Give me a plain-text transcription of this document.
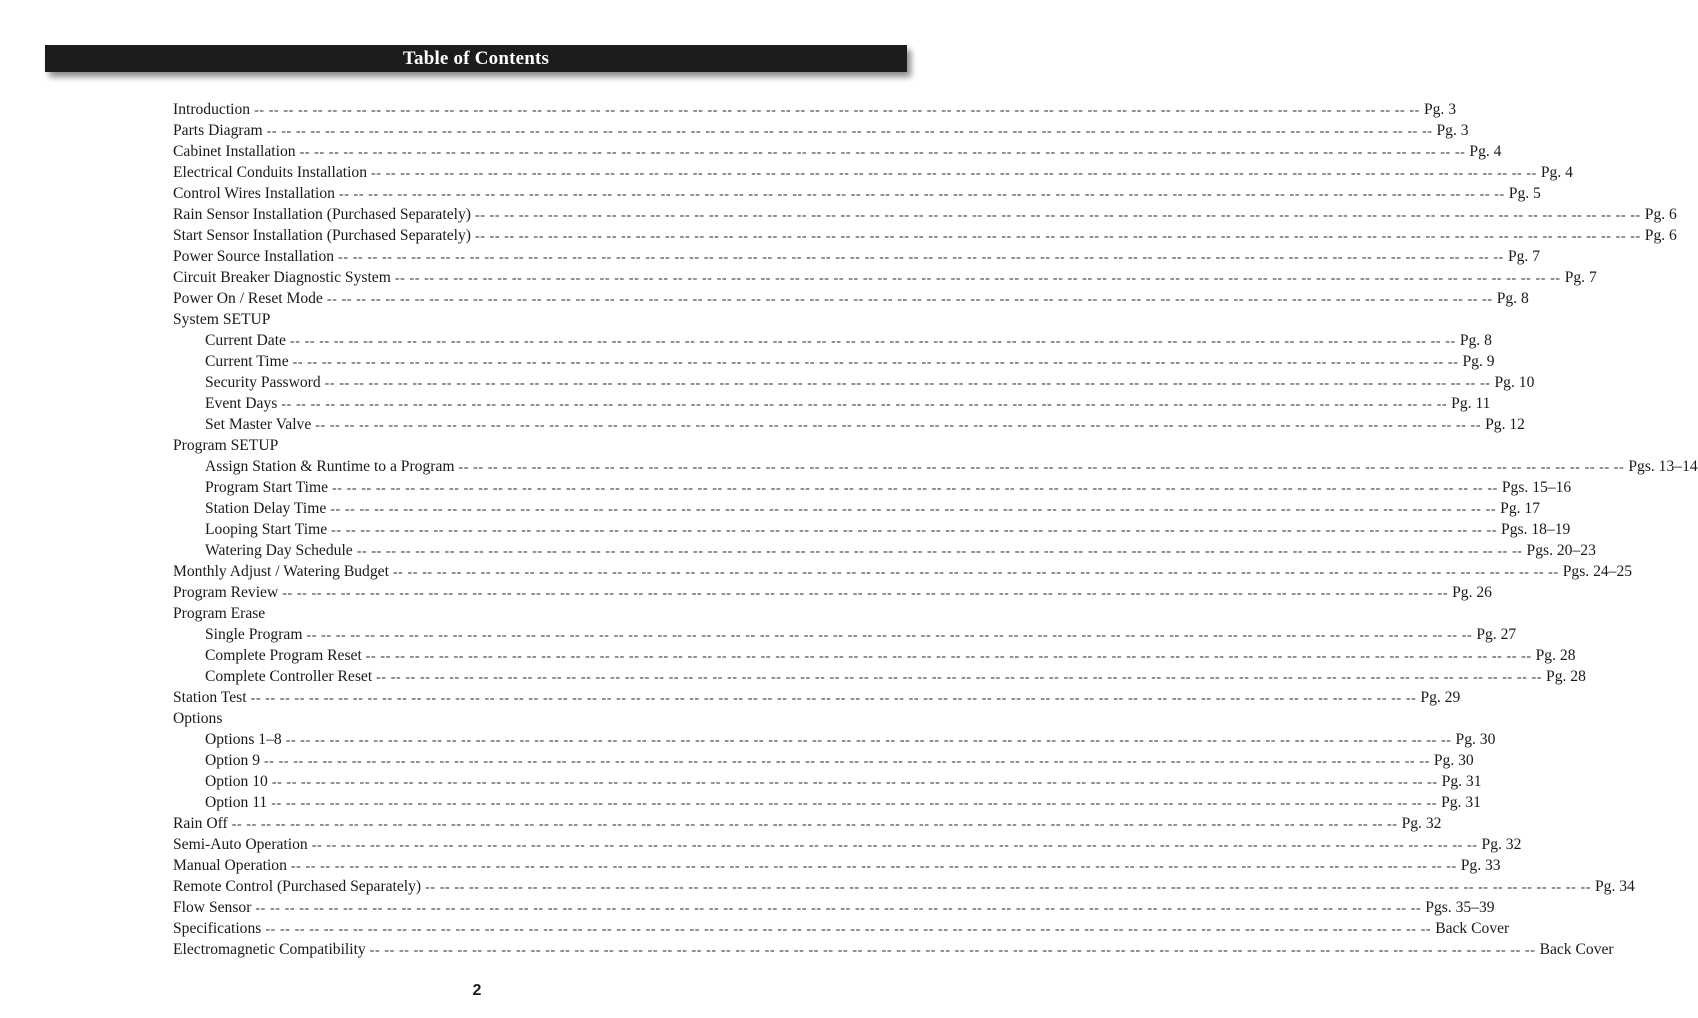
Table of Contents
Introduction -- -- -- -- -- -- -- -- -- -- -- -- -- -- -- -- -- -- -- -- -- -- -- -- -- -- -- -- -- -- -- -- -- -- -- -- -- -- -- -- -- -- -- -- -- -- -- -- -- -- -- -- -- -- -- -- -- -- -- -- -- -- -- -- -- -- -- -- -- -- -- -- -- -- -- -- -- -- -- -- Pg. 3
Parts Diagram -- -- -- -- -- -- -- -- -- -- -- -- -- -- -- -- -- -- -- -- -- -- -- -- -- -- -- -- -- -- -- -- -- -- -- -- -- -- -- -- -- -- -- -- -- -- -- -- -- -- -- -- -- -- -- -- -- -- -- -- -- -- -- -- -- -- -- -- -- -- -- -- -- -- -- -- -- -- -- -- Pg. 3
Cabinet Installation -- -- -- -- -- -- -- -- -- -- -- -- -- -- -- -- -- -- -- -- -- -- -- -- -- -- -- -- -- -- -- -- -- -- -- -- -- -- -- -- -- -- -- -- -- -- -- -- -- -- -- -- -- -- -- -- -- -- -- -- -- -- -- -- -- -- -- -- -- -- -- -- -- -- -- -- -- -- -- -- Pg. 4
Electrical Conduits Installation -- -- -- -- -- -- -- -- -- -- -- -- -- -- -- -- -- -- -- -- -- -- -- -- -- -- -- -- -- -- -- -- -- -- -- -- -- -- -- -- -- -- -- -- -- -- -- -- -- -- -- -- -- -- -- -- -- -- -- -- -- -- -- -- -- -- -- -- -- -- -- -- -- -- -- -- -- -- -- -- Pg. 4
Control Wires Installation -- -- -- -- -- -- -- -- -- -- -- -- -- -- -- -- -- -- -- -- -- -- -- -- -- -- -- -- -- -- -- -- -- -- -- -- -- -- -- -- -- -- -- -- -- -- -- -- -- -- -- -- -- -- -- -- -- -- -- -- -- -- -- -- -- -- -- -- -- -- -- -- -- -- -- -- -- -- -- -- Pg. 5
Rain Sensor Installation (Purchased Separately) -- -- -- -- -- -- -- -- -- -- -- -- -- -- -- -- -- -- -- -- -- -- -- -- -- -- -- -- -- -- -- -- -- -- -- -- -- -- -- -- -- -- -- -- -- -- -- -- -- -- -- -- -- -- -- -- -- -- -- -- -- -- -- -- -- -- -- -- -- -- -- -- -- -- -- -- -- -- -- -- Pg. 6
Start Sensor Installation (Purchased Separately) -- -- -- -- -- -- -- -- -- -- -- -- -- -- -- -- -- -- -- -- -- -- -- -- -- -- -- -- -- -- -- -- -- -- -- -- -- -- -- -- -- -- -- -- -- -- -- -- -- -- -- -- -- -- -- -- -- -- -- -- -- -- -- -- -- -- -- -- -- -- -- -- -- -- -- -- -- -- -- -- Pg. 6
Power Source Installation -- -- -- -- -- -- -- -- -- -- -- -- -- -- -- -- -- -- -- -- -- -- -- -- -- -- -- -- -- -- -- -- -- -- -- -- -- -- -- -- -- -- -- -- -- -- -- -- -- -- -- -- -- -- -- -- -- -- -- -- -- -- -- -- -- -- -- -- -- -- -- -- -- -- -- -- -- -- -- -- Pg. 7
Circuit Breaker Diagnostic System -- -- -- -- -- -- -- -- -- -- -- -- -- -- -- -- -- -- -- -- -- -- -- -- -- -- -- -- -- -- -- -- -- -- -- -- -- -- -- -- -- -- -- -- -- -- -- -- -- -- -- -- -- -- -- -- -- -- -- -- -- -- -- -- -- -- -- -- -- -- -- -- -- -- -- -- -- -- -- -- Pg. 7
Power On / Reset Mode -- -- -- -- -- -- -- -- -- -- -- -- -- -- -- -- -- -- -- -- -- -- -- -- -- -- -- -- -- -- -- -- -- -- -- -- -- -- -- -- -- -- -- -- -- -- -- -- -- -- -- -- -- -- -- -- -- -- -- -- -- -- -- -- -- -- -- -- -- -- -- -- -- -- -- -- -- -- -- -- Pg. 8
System SETUP
Current Date -- -- -- -- -- -- -- -- -- -- -- -- -- -- -- -- -- -- -- -- -- -- -- -- -- -- -- -- -- -- -- -- -- -- -- -- -- -- -- -- -- -- -- -- -- -- -- -- -- -- -- -- -- -- -- -- -- -- -- -- -- -- -- -- -- -- -- -- -- -- -- -- -- -- -- -- -- -- -- -- Pg. 8
Current Time -- -- -- -- -- -- -- -- -- -- -- -- -- -- -- -- -- -- -- -- -- -- -- -- -- -- -- -- -- -- -- -- -- -- -- -- -- -- -- -- -- -- -- -- -- -- -- -- -- -- -- -- -- -- -- -- -- -- -- -- -- -- -- -- -- -- -- -- -- -- -- -- -- -- -- -- -- -- -- -- Pg. 9
Security Password -- -- -- -- -- -- -- -- -- -- -- -- -- -- -- -- -- -- -- -- -- -- -- -- -- -- -- -- -- -- -- -- -- -- -- -- -- -- -- -- -- -- -- -- -- -- -- -- -- -- -- -- -- -- -- -- -- -- -- -- -- -- -- -- -- -- -- -- -- -- -- -- -- -- -- -- -- -- -- -- Pg. 10
Event Days -- -- -- -- -- -- -- -- -- -- -- -- -- -- -- -- -- -- -- -- -- -- -- -- -- -- -- -- -- -- -- -- -- -- -- -- -- -- -- -- -- -- -- -- -- -- -- -- -- -- -- -- -- -- -- -- -- -- -- -- -- -- -- -- -- -- -- -- -- -- -- -- -- -- -- -- -- -- -- -- Pg. 11
Set Master Valve -- -- -- -- -- -- -- -- -- -- -- -- -- -- -- -- -- -- -- -- -- -- -- -- -- -- -- -- -- -- -- -- -- -- -- -- -- -- -- -- -- -- -- -- -- -- -- -- -- -- -- -- -- -- -- -- -- -- -- -- -- -- -- -- -- -- -- -- -- -- -- -- -- -- -- -- -- -- -- -- Pg. 12
Program SETUP
Assign Station & Runtime to a Program -- -- -- -- -- -- -- -- -- -- -- -- -- -- -- -- -- -- -- -- -- -- -- -- -- -- -- -- -- -- -- -- -- -- -- -- -- -- -- -- -- -- -- -- -- -- -- -- -- -- -- -- -- -- -- -- -- -- -- -- -- -- -- -- -- -- -- -- -- -- -- -- -- -- -- -- -- -- -- -- Pgs. 13–14
Program Start Time -- -- -- -- -- -- -- -- -- -- -- -- -- -- -- -- -- -- -- -- -- -- -- -- -- -- -- -- -- -- -- -- -- -- -- -- -- -- -- -- -- -- -- -- -- -- -- -- -- -- -- -- -- -- -- -- -- -- -- -- -- -- -- -- -- -- -- -- -- -- -- -- -- -- -- -- -- -- -- -- Pgs. 15–16
Station Delay Time -- -- -- -- -- -- -- -- -- -- -- -- -- -- -- -- -- -- -- -- -- -- -- -- -- -- -- -- -- -- -- -- -- -- -- -- -- -- -- -- -- -- -- -- -- -- -- -- -- -- -- -- -- -- -- -- -- -- -- -- -- -- -- -- -- -- -- -- -- -- -- -- -- -- -- -- -- -- -- -- Pg. 17
Looping Start Time -- -- -- -- -- -- -- -- -- -- -- -- -- -- -- -- -- -- -- -- -- -- -- -- -- -- -- -- -- -- -- -- -- -- -- -- -- -- -- -- -- -- -- -- -- -- -- -- -- -- -- -- -- -- -- -- -- -- -- -- -- -- -- -- -- -- -- -- -- -- -- -- -- -- -- -- -- -- -- -- Pgs. 18–19
Watering Day Schedule -- -- -- -- -- -- -- -- -- -- -- -- -- -- -- -- -- -- -- -- -- -- -- -- -- -- -- -- -- -- -- -- -- -- -- -- -- -- -- -- -- -- -- -- -- -- -- -- -- -- -- -- -- -- -- -- -- -- -- -- -- -- -- -- -- -- -- -- -- -- -- -- -- -- -- -- -- -- -- -- Pgs. 20–23
Monthly Adjust / Watering Budget -- -- -- -- -- -- -- -- -- -- -- -- -- -- -- -- -- -- -- -- -- -- -- -- -- -- -- -- -- -- -- -- -- -- -- -- -- -- -- -- -- -- -- -- -- -- -- -- -- -- -- -- -- -- -- -- -- -- -- -- -- -- -- -- -- -- -- -- -- -- -- -- -- -- -- -- -- -- -- -- Pgs. 24–25
Program Review -- -- -- -- -- -- -- -- -- -- -- -- -- -- -- -- -- -- -- -- -- -- -- -- -- -- -- -- -- -- -- -- -- -- -- -- -- -- -- -- -- -- -- -- -- -- -- -- -- -- -- -- -- -- -- -- -- -- -- -- -- -- -- -- -- -- -- -- -- -- -- -- -- -- -- -- -- -- -- -- Pg. 26
Program Erase
Single Program -- -- -- -- -- -- -- -- -- -- -- -- -- -- -- -- -- -- -- -- -- -- -- -- -- -- -- -- -- -- -- -- -- -- -- -- -- -- -- -- -- -- -- -- -- -- -- -- -- -- -- -- -- -- -- -- -- -- -- -- -- -- -- -- -- -- -- -- -- -- -- -- -- -- -- -- -- -- -- -- Pg. 27
Complete Program Reset -- -- -- -- -- -- -- -- -- -- -- -- -- -- -- -- -- -- -- -- -- -- -- -- -- -- -- -- -- -- -- -- -- -- -- -- -- -- -- -- -- -- -- -- -- -- -- -- -- -- -- -- -- -- -- -- -- -- -- -- -- -- -- -- -- -- -- -- -- -- -- -- -- -- -- -- -- -- -- -- Pg. 28
Complete Controller Reset -- -- -- -- -- -- -- -- -- -- -- -- -- -- -- -- -- -- -- -- -- -- -- -- -- -- -- -- -- -- -- -- -- -- -- -- -- -- -- -- -- -- -- -- -- -- -- -- -- -- -- -- -- -- -- -- -- -- -- -- -- -- -- -- -- -- -- -- -- -- -- -- -- -- -- -- -- -- -- -- Pg. 28
Station Test -- -- -- -- -- -- -- -- -- -- -- -- -- -- -- -- -- -- -- -- -- -- -- -- -- -- -- -- -- -- -- -- -- -- -- -- -- -- -- -- -- -- -- -- -- -- -- -- -- -- -- -- -- -- -- -- -- -- -- -- -- -- -- -- -- -- -- -- -- -- -- -- -- -- -- -- -- -- -- -- Pg. 29
Options
Options 1–8 -- -- -- -- -- -- -- -- -- -- -- -- -- -- -- -- -- -- -- -- -- -- -- -- -- -- -- -- -- -- -- -- -- -- -- -- -- -- -- -- -- -- -- -- -- -- -- -- -- -- -- -- -- -- -- -- -- -- -- -- -- -- -- -- -- -- -- -- -- -- -- -- -- -- -- -- -- -- -- -- Pg. 30
Option 9 -- -- -- -- -- -- -- -- -- -- -- -- -- -- -- -- -- -- -- -- -- -- -- -- -- -- -- -- -- -- -- -- -- -- -- -- -- -- -- -- -- -- -- -- -- -- -- -- -- -- -- -- -- -- -- -- -- -- -- -- -- -- -- -- -- -- -- -- -- -- -- -- -- -- -- -- -- -- -- -- Pg. 30
Option 10 -- -- -- -- -- -- -- -- -- -- -- -- -- -- -- -- -- -- -- -- -- -- -- -- -- -- -- -- -- -- -- -- -- -- -- -- -- -- -- -- -- -- -- -- -- -- -- -- -- -- -- -- -- -- -- -- -- -- -- -- -- -- -- -- -- -- -- -- -- -- -- -- -- -- -- -- -- -- -- -- Pg. 31
Option 11 -- -- -- -- -- -- -- -- -- -- -- -- -- -- -- -- -- -- -- -- -- -- -- -- -- -- -- -- -- -- -- -- -- -- -- -- -- -- -- -- -- -- -- -- -- -- -- -- -- -- -- -- -- -- -- -- -- -- -- -- -- -- -- -- -- -- -- -- -- -- -- -- -- -- -- -- -- -- -- -- Pg. 31
Rain Off -- -- -- -- -- -- -- -- -- -- -- -- -- -- -- -- -- -- -- -- -- -- -- -- -- -- -- -- -- -- -- -- -- -- -- -- -- -- -- -- -- -- -- -- -- -- -- -- -- -- -- -- -- -- -- -- -- -- -- -- -- -- -- -- -- -- -- -- -- -- -- -- -- -- -- -- -- -- -- -- Pg. 32
Semi-Auto Operation -- -- -- -- -- -- -- -- -- -- -- -- -- -- -- -- -- -- -- -- -- -- -- -- -- -- -- -- -- -- -- -- -- -- -- -- -- -- -- -- -- -- -- -- -- -- -- -- -- -- -- -- -- -- -- -- -- -- -- -- -- -- -- -- -- -- -- -- -- -- -- -- -- -- -- -- -- -- -- -- Pg. 32
Manual Operation -- -- -- -- -- -- -- -- -- -- -- -- -- -- -- -- -- -- -- -- -- -- -- -- -- -- -- -- -- -- -- -- -- -- -- -- -- -- -- -- -- -- -- -- -- -- -- -- -- -- -- -- -- -- -- -- -- -- -- -- -- -- -- -- -- -- -- -- -- -- -- -- -- -- -- -- -- -- -- -- Pg. 33
Remote Control (Purchased Separately) -- -- -- -- -- -- -- -- -- -- -- -- -- -- -- -- -- -- -- -- -- -- -- -- -- -- -- -- -- -- -- -- -- -- -- -- -- -- -- -- -- -- -- -- -- -- -- -- -- -- -- -- -- -- -- -- -- -- -- -- -- -- -- -- -- -- -- -- -- -- -- -- -- -- -- -- -- -- -- -- Pg. 34
Flow Sensor -- -- -- -- -- -- -- -- -- -- -- -- -- -- -- -- -- -- -- -- -- -- -- -- -- -- -- -- -- -- -- -- -- -- -- -- -- -- -- -- -- -- -- -- -- -- -- -- -- -- -- -- -- -- -- -- -- -- -- -- -- -- -- -- -- -- -- -- -- -- -- -- -- -- -- -- -- -- -- -- Pgs. 35–39
Specifications -- -- -- -- -- -- -- -- -- -- -- -- -- -- -- -- -- -- -- -- -- -- -- -- -- -- -- -- -- -- -- -- -- -- -- -- -- -- -- -- -- -- -- -- -- -- -- -- -- -- -- -- -- -- -- -- -- -- -- -- -- -- -- -- -- -- -- -- -- -- -- -- -- -- -- -- -- -- -- -- Back Cover
Electromagnetic Compatibility -- -- -- -- -- -- -- -- -- -- -- -- -- -- -- -- -- -- -- -- -- -- -- -- -- -- -- -- -- -- -- -- -- -- -- -- -- -- -- -- -- -- -- -- -- -- -- -- -- -- -- -- -- -- -- -- -- -- -- -- -- -- -- -- -- -- -- -- -- -- -- -- -- -- -- -- -- -- -- -- Back Cover
2
